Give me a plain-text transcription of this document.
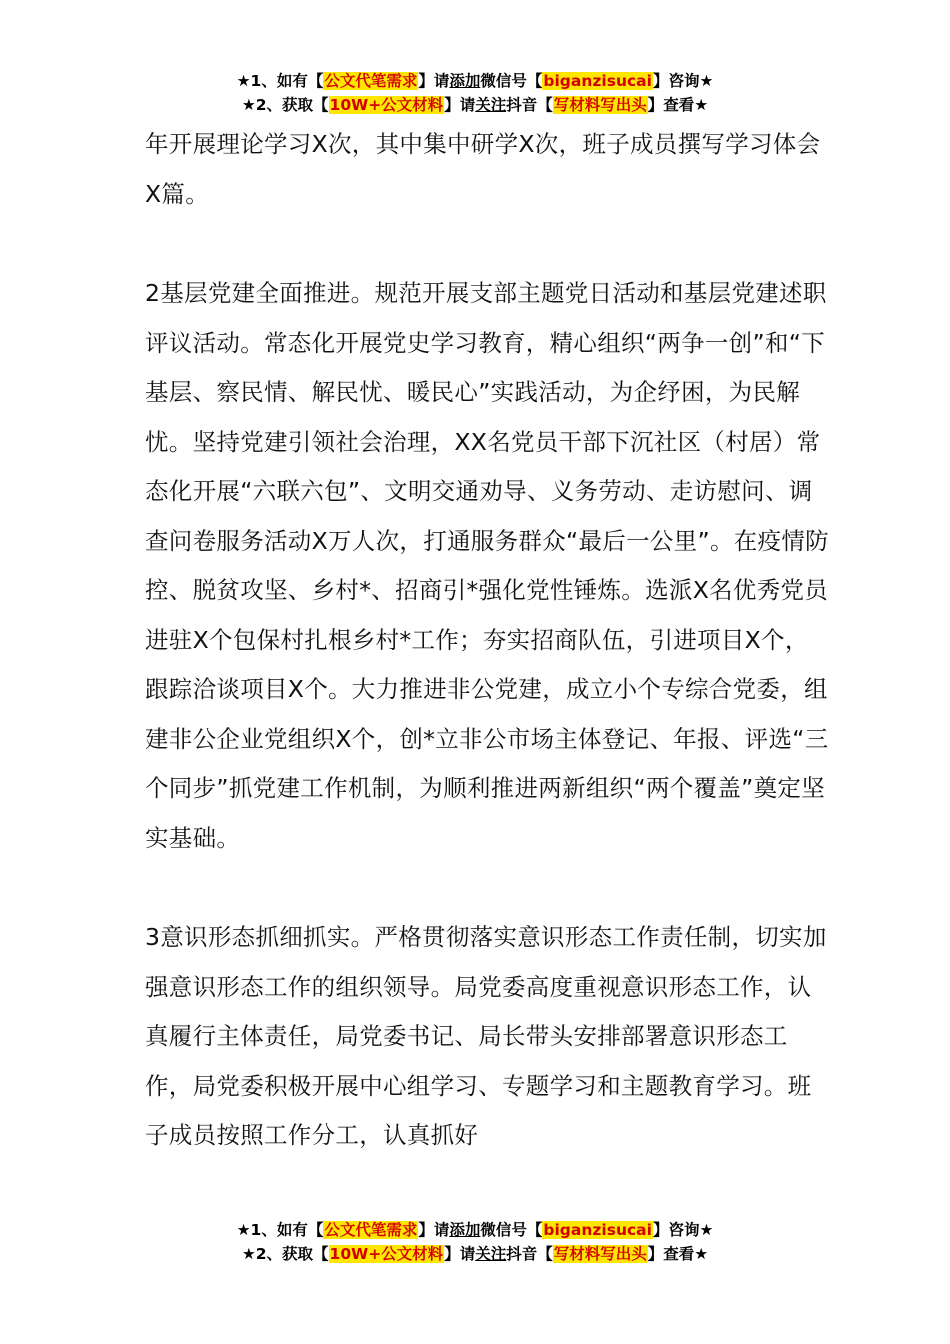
★1、如有【公文代笔需求】请添加微信号【biganzisucai】咨询★
★2、获取【10W+公文材料】请关注抖音【写材料写出头】查看★

年开展理论学习X次，其中集中研学X次，班子成员撰写学习体会X篇。

2基层党建全面推进。规范开展支部主题党日活动和基层党建述职评议活动。常态化开展党史学习教育，精心组织“两争一创”和“下基层、察民情、解民忧、暖民心”实践活动，为企纾困，为民解忧。坚持党建引领社会治理，XX名党员干部下沉社区（村居）常态化开展“六联六包”、文明交通劝导、义务劳动、走访慰问、调查问卷服务活动X万人次，打通服务群众“最后一公里”。在疫情防控、脱贫攻坚、乡村*、招商引*强化党性锤炼。选派X名优秀党员进驻X个包保村扎根乡村*工作；夯实招商队伍，引进项目X个，跟踪洽谈项目X个。大力推进非公党建，成立小个专综合党委，组建非公企业党组织X个，创*立非公市场主体登记、年报、评选“三个同步”抓党建工作机制，为顺利推进两新组织“两个覆盖”奠定坚实基础。

3意识形态抓细抓实。严格贯彻落实意识形态工作责任制，切实加强意识形态工作的组织领导。局党委高度重视意识形态工作，认真履行主体责任，局党委书记、局长带头安排部署意识形态工作，局党委积极开展中心组学习、专题学习和主题教育学习。班子成员按照工作分工，认真抓好

★1、如有【公文代笔需求】请添加微信号【biganzisucai】咨询★
★2、获取【10W+公文材料】请关注抖音【写材料写出头】查看★
